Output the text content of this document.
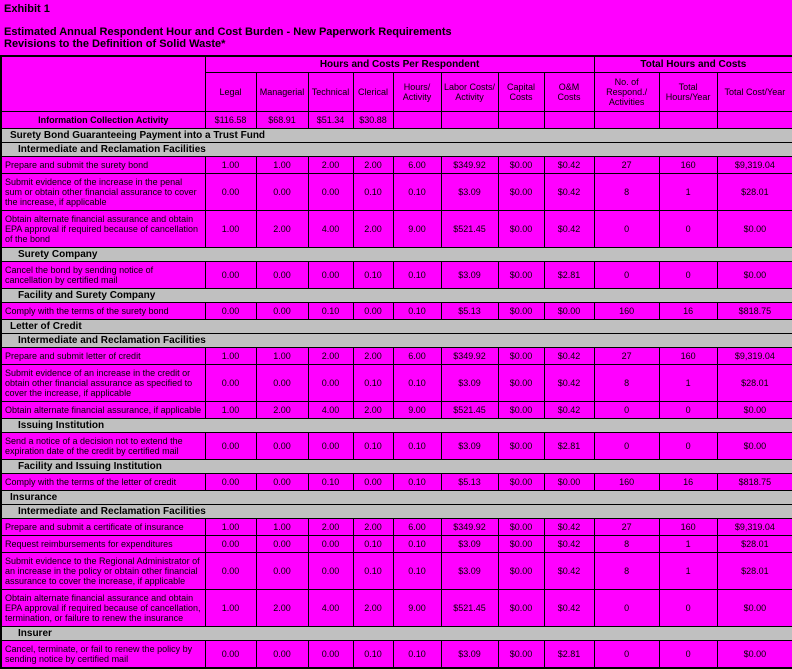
Exhibit 1

Estimated Annual Respondent Hour and Cost Burden - New Paperwork Requirements

Revisions to the Definition of Solid Waste*

	Hours and Costs Per Respondent								Total Hours and Costs		
	Legal	Managerial	Technical	Clerical	Hours/ Activity	Labor Costs/ Activity	Capital Costs	O&M Costs	No. of Respond./ Activities	Total Hours/Year	Total Cost/Year
Information Collection Activity	$116.58	$68.91	$51.34	$30.88							
Surety Bond Guaranteeing Payment into a Trust Fund											
Intermediate and Reclamation Facilities											
Prepare and submit the surety bond	1.00	1.00	2.00	2.00	6.00	$349.92	$0.00	$0.42	27	160	$9,319.04
Submit evidence of the increase in the penal sum or obtain other financial assurance to cover the increase, if applicable	0.00	0.00	0.00	0.10	0.10	$3.09	$0.00	$0.42	8	1	$28.01
Obtain alternate financial assurance and obtain EPA approval if required because of cancellation of the bond	1.00	2.00	4.00	2.00	9.00	$521.45	$0.00	$0.42	0	0	$0.00
Surety Company											
Cancel the bond by sending notice of cancellation by certified mail	0.00	0.00	0.00	0.10	0.10	$3.09	$0.00	$2.81	0	0	$0.00
Facility and Surety Company											
Comply with the terms of the surety bond	0.00	0.00	0.10	0.00	0.10	$5.13	$0.00	$0.00	160	16	$818.75
Letter of Credit											
Intermediate and Reclamation Facilities											
Prepare and submit letter of credit	1.00	1.00	2.00	2.00	6.00	$349.92	$0.00	$0.42	27	160	$9,319.04
Submit evidence of an increase in the credit or obtain other financial assurance as specified to cover the increase, if applicable	0.00	0.00	0.00	0.10	0.10	$3.09	$0.00	$0.42	8	1	$28.01
Obtain alternate financial assurance, if applicable	1.00	2.00	4.00	2.00	9.00	$521.45	$0.00	$0.42	0	0	$0.00
Issuing Institution											
Send a notice of a decision not to extend the expiration date of the credit by certified mail	0.00	0.00	0.00	0.10	0.10	$3.09	$0.00	$2.81	0	0	$0.00
Facility and Issuing Institution											
Comply with the terms of the letter of credit	0.00	0.00	0.10	0.00	0.10	$5.13	$0.00	$0.00	160	16	$818.75
Insurance											
Intermediate and Reclamation Facilities											
Prepare and submit a certificate of insurance	1.00	1.00	2.00	2.00	6.00	$349.92	$0.00	$0.42	27	160	$9,319.04
Request reimbursements for expenditures	0.00	0.00	0.00	0.10	0.10	$3.09	$0.00	$0.42	8	1	$28.01
Submit evidence to the Regional Administrator of an increase in the policy or obtain other financial assurance to cover the increase, if applicable	0.00	0.00	0.00	0.10	0.10	$3.09	$0.00	$0.42	8	1	$28.01
Obtain alternate financial assurance and obtain EPA approval if required because of cancellation, termination, or failure to renew the insurance	1.00	2.00	4.00	2.00	9.00	$521.45	$0.00	$0.42	0	0	$0.00
Insurer											
Cancel, terminate, or fail to renew the policy by sending notice by certified mail	0.00	0.00	0.00	0.10	0.10	$3.09	$0.00	$2.81	0	0	$0.00
